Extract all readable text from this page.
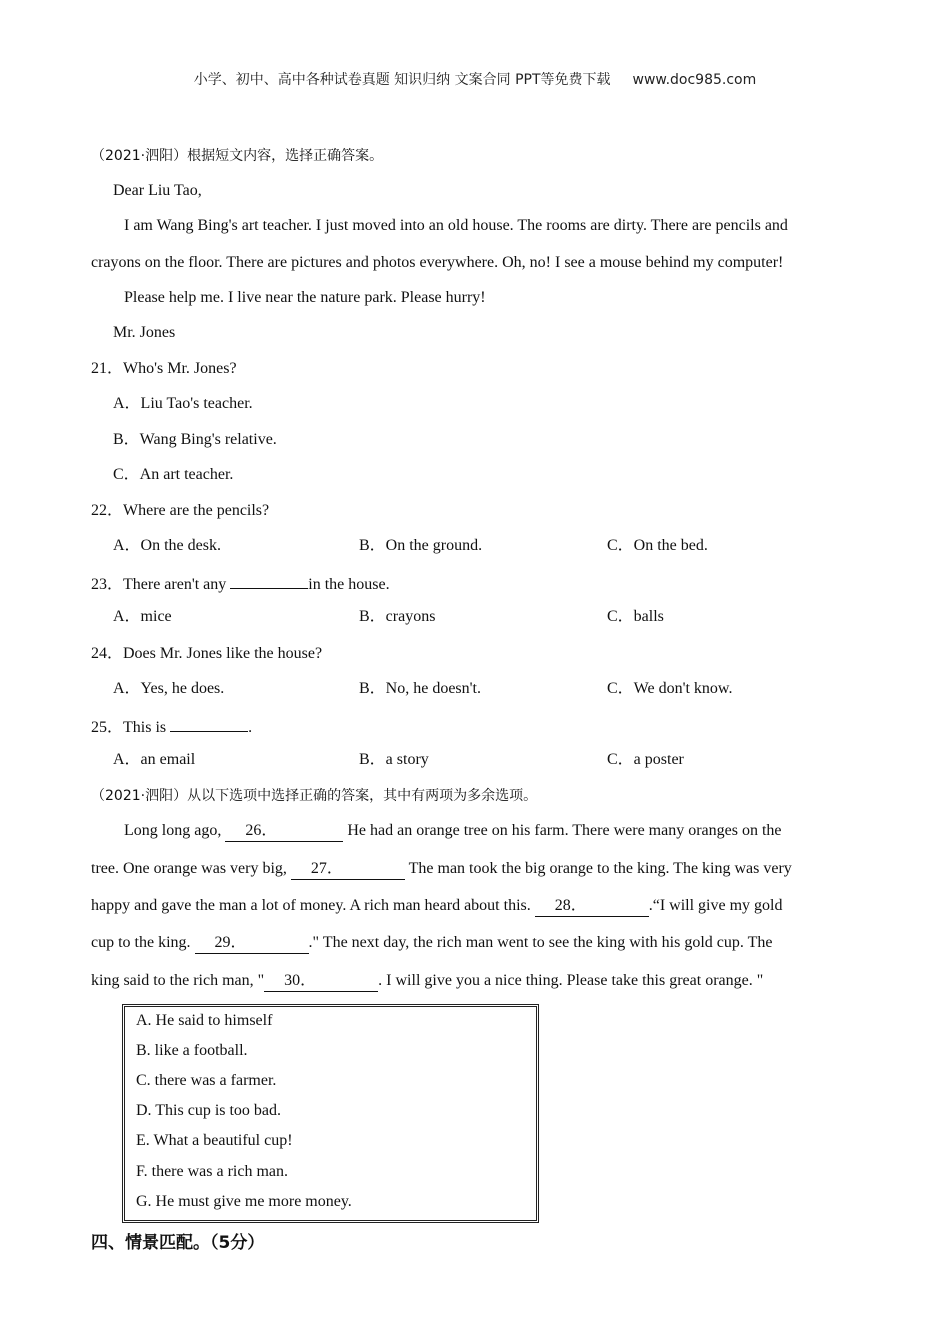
小学、初中、高中各种试卷真题 知识归纳 文案合同 PPT等免费下载 www.doc985.com
（2021·泗阳）根据短文内容，选择正确答案。
Dear Liu Tao,
I am Wang Bing's art teacher. I just moved into an old house. The rooms are dirty. There are pencils and
crayons on the floor. There are pictures and photos everywhere. Oh, no! I see a mouse behind my computer!
Please help me. I live near the nature park. Please hurry!
Mr. Jones
21．Who's Mr. Jones?
A．Liu Tao's teacher.
B．Wang Bing's relative.
C．An art teacher.
22．Where are the pencils?
A．On the desk.	B．On the ground.	C．On the bed.
23．There aren't any	in the house.
A．mice	B．crayons	C．balls
24．Does Mr. Jones like the house?
A．Yes, he does.	B．No, he doesn't.	C．We don't know.
25．This is	.
A．an email	B．a story	C．a poster
（2021·泗阳）从以下选项中选择正确的答案，其中有两项为多余选项。
Long long ago, 26．	He had an orange tree on his farm. There were many oranges on the
tree. One orange was very big, 27．	The man took the big orange to the king. The king was very
happy and gave the man a lot of money. A rich man heard about this. 28．	.“I will give my gold
cup to the king. 29．	." The next day, the rich man went to see the king with his gold cup. The
king said to the rich man, " 30．	. I will give you a nice thing. Please take this great orange. "
A. He said to himself
B. like a football.
C. there was a farmer.
D. This cup is too bad.
E. What a beautiful cup!
F. there was a rich man.
G. He must give me more money.
四、情景匹配。（5分）
